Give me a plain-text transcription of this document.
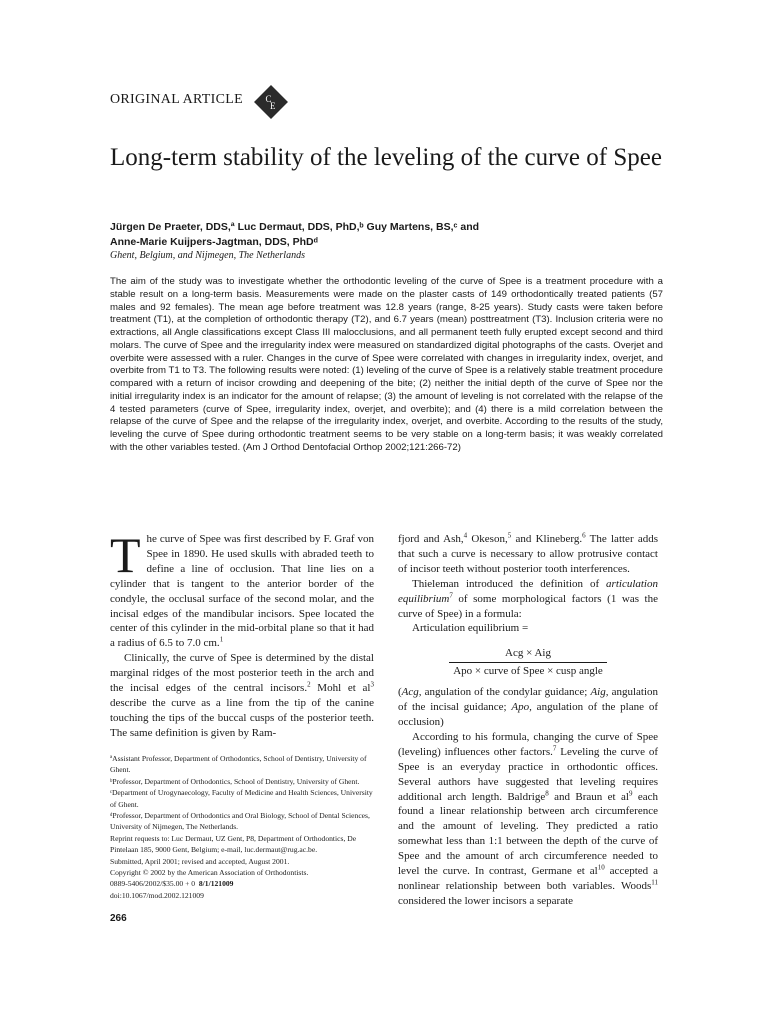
ORIGINAL ARTICLE	C
E
Long-term stability of the leveling of the curve of Spee
Jürgen De Praeter, DDS,ª Luc Dermaut, DDS, PhD,ᵇ Guy Martens, BS,ᶜ and
Anne-Marie Kuijpers-Jagtman, DDS, PhDᵈ
Ghent, Belgium, and Nijmegen, The Netherlands
The aim of the study was to investigate whether the orthodontic leveling of the curve of Spee is a treatment procedure with a stable result on a long-term basis. Measurements were made on the plaster casts of 149 orthodontically treated patients (57 males and 92 females). The mean age before treatment was 12.8 years (range, 8-25 years). Study casts were taken before treatment (T1), at the completion of orthodontic therapy (T2), and 6.7 years (mean) posttreatment (T3). Inclusion criteria were no extractions, all Angle classifications except Class III malocclusions, and all permanent teeth fully erupted except second and third molars. The curve of Spee and the irregularity index were measured on standardized digital photographs of the casts. Overjet and overbite were assessed with a ruler. Changes in the curve of Spee were correlated with changes in irregularity index, overjet, and overbite from T1 to T3. The following results were noted: (1) leveling of the curve of Spee is a relatively stable treatment procedure compared with a return of incisor crowding and deepening of the bite; (2) neither the initial depth of the curve of Spee nor the initial irregularity index is an indicator for the amount of relapse; (3) the amount of leveling is not correlated with the relapse of the 4 tested parameters (curve of Spee, irregularity index, overjet, and overbite); and (4) there is a mild correlation between the relapse of the curve of Spee and the relapse of the irregularity index, overjet, and overbite. According to the results of the study, leveling the curve of Spee during orthodontic treatment seems to be very stable on a long-term basis; it was weakly correlated with the other variables tested. (Am J Orthod Dentofacial Orthop 2002;121:266-72)

The curve of Spee was first described by F. Graf von Spee in 1890. He used skulls with abraded teeth to define a line of occlusion. That line lies on a cylinder that is tangent to the anterior border of the condyle, the occlusal surface of the second molar, and the incisal edges of the mandibular incisors. Spee located the center of this cylinder in the mid-orbital plane so that it had a radius of 6.5 to 7.0 cm.$^1$

Clinically, the curve of Spee is determined by the distal marginal ridges of the most posterior teeth in the arch and the incisal edges of the central incisors.$^2$ Mohl et $al^3$ describe the curve as a line from the tip of the canine touching the tips of the buccal cusps of the posterior teeth. The same definition is given by Ram-

ªAssistant Professor, Department of Orthodontics, School of Dentistry, University of Ghent.
ᵇProfessor, Department of Orthodontics, School of Dentistry, University of Ghent.
ᶜDepartment of Urogynaecology, Faculty of Medicine and Health Sciences, University of Ghent.
ᵈProfessor, Department of Orthodontics and Oral Biology, School of Dental Sciences, University of Nijmegen, The Netherlands.
Reprint requests to: Luc Dermaut, UZ Gent, P8, Department of Orthodontics, De Pintelaan 185, 9000 Gent, Belgium; e-mail, luc.dermaut@rug.ac.be.
Submitted, April 2001; revised and accepted, August 2001.
Copyright © 2002 by the American Association of Orthodontists.
0889-5406/2002/$35.00 + 0 8/1/121009
doi:10.1067/mod.2002.121009

fjord and Ash,$^4$ Okeson,$^5$ and Klineberg.$^6$ The latter adds that such a curve is necessary to allow protrusive contact of incisor teeth without posterior tooth interferences.

Thieleman introduced the definition of articulation equilibrium$^7$ of some morphological factors (1 was the curve of Spee) in a formula:

Articulation equilibrium =

$\frac{\text{Acg × Aig}}{\text{Apo × curve of Spee × cusp angle}}$

(Acg, angulation of the condylar guidance; Aig, angulation of the incisal guidance; Apo, angulation of the plane of occlusion)

According to his formula, changing the curve of Spee (leveling) influences other factors.$^7$ Leveling the curve of Spee is an everyday practice in orthodontic offices. Several authors have suggested that leveling requires additional arch length. Baldrige$^8$ and Braun et $al^9$ each found a linear relationship between arch circumference and the amount of leveling. They predicted a ratio somewhat less than 1:1 between the depth of the curve of Spee and the amount of arch circumference needed to level the curve. In contrast, Germane et $al^{10}$ accepted a nonlinear relationship between both variables. Woods$^{11}$ considered the lower incisors a separate

266
